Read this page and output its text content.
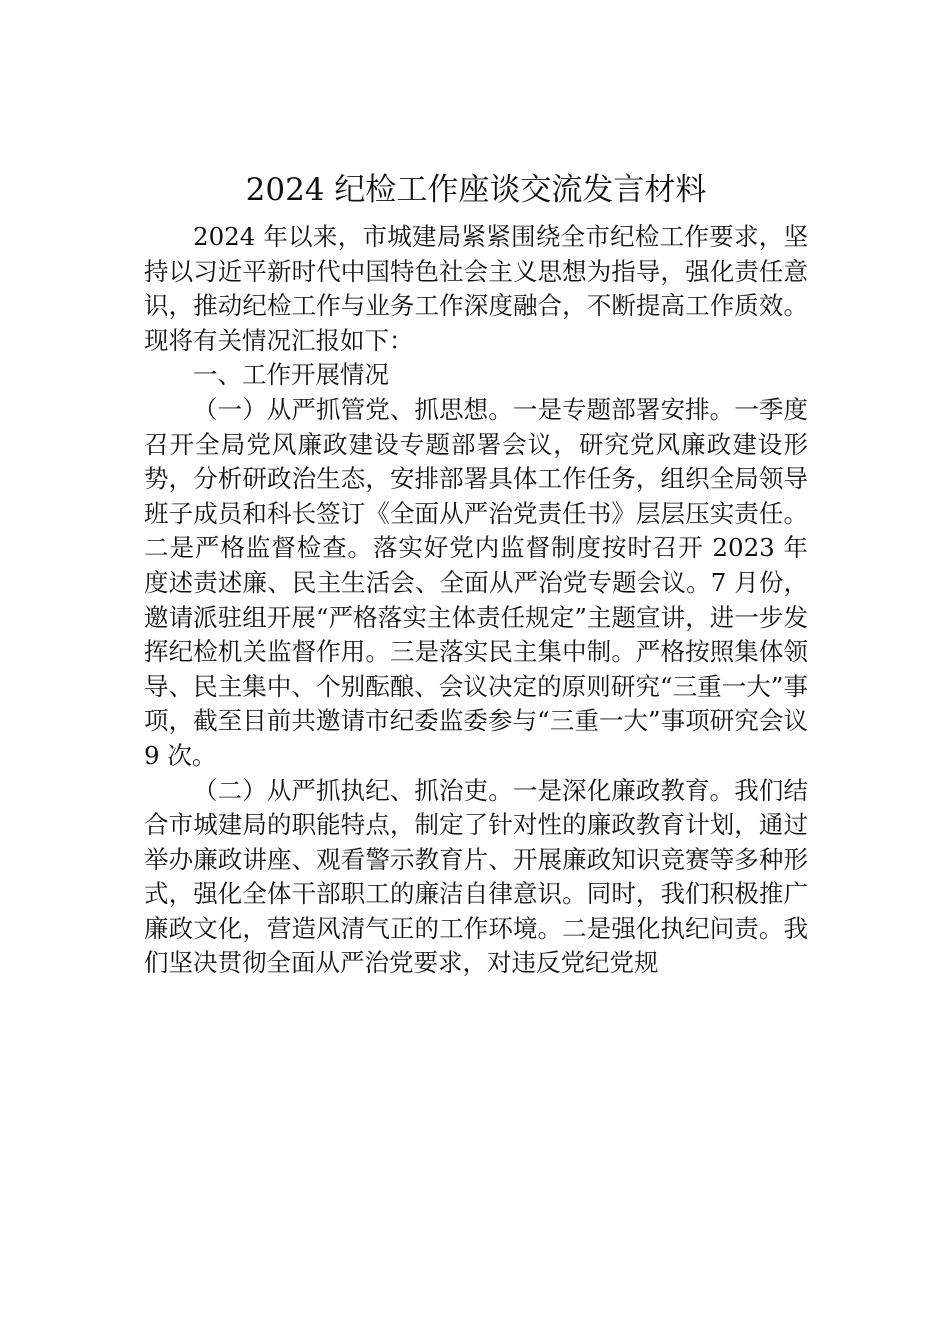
2024 纪检工作座谈交流发言材料

2024 年以来，市城建局紧紧围绕全市纪检工作要求，坚持以习近平新时代中国特色社会主义思想为指导，强化责任意识，推动纪检工作与业务工作深度融合，不断提高工作质效。现将有关情况汇报如下：

一、工作开展情况

（一）从严抓管党、抓思想。一是专题部署安排。一季度召开全局党风廉政建设专题部署会议，研究党风廉政建设形势，分析研政治生态，安排部署具体工作任务，组织全局领导班子成员和科长签订《全面从严治党责任书》层层压实责任。二是严格监督检查。落实好党内监督制度按时召开 2023 年度述责述廉、民主生活会、全面从严治党专题会议。7 月份，邀请派驻组开展“严格落实主体责任规定”主题宣讲，进一步发挥纪检机关监督作用。三是落实民主集中制。严格按照集体领导、民主集中、个别酝酿、会议决定的原则研究“三重一大”事项，截至目前共邀请市纪委监委参与“三重一大”事项研究会议 9 次。

（二）从严抓执纪、抓治吏。一是深化廉政教育。我们结合市城建局的职能特点，制定了针对性的廉政教育计划，通过举办廉政讲座、观看警示教育片、开展廉政知识竞赛等多种形式，强化全体干部职工的廉洁自律意识。同时，我们积极推广廉政文化，营造风清气正的工作环境。二是强化执纪问责。我们坚决贯彻全面从严治党要求，对违反党纪党规
